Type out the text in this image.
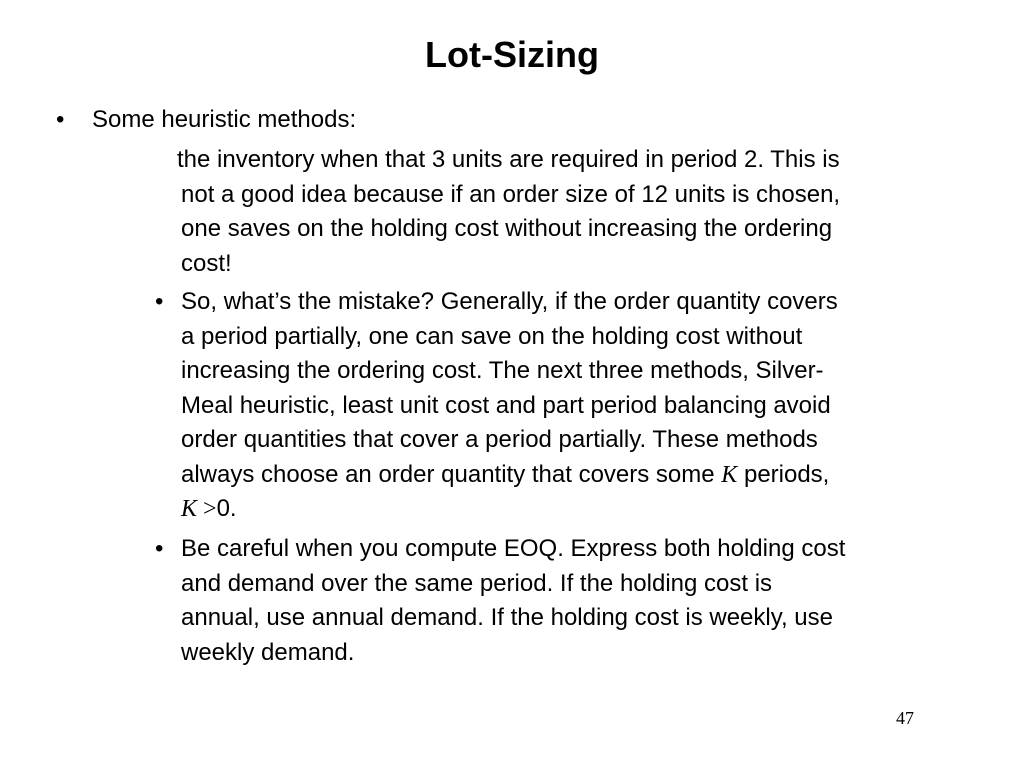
Lot-Sizing
• Some heuristic methods:
the inventory when that 3 units are required in period 2. This is
not a good idea because if an order size of 12 units is chosen,
one saves on the holding cost without increasing the ordering
cost!
• So, what’s the mistake? Generally, if the order quantity covers
a period partially, one can save on the holding cost without
increasing the ordering cost. The next three methods, Silver-
Meal heuristic, least unit cost and part period balancing avoid
order quantities that cover a period partially. These methods
always choose an order quantity that covers some K periods,
K >0.
• Be careful when you compute EOQ. Express both holding cost
and demand over the same period. If the holding cost is
annual, use annual demand. If the holding cost is weekly, use
weekly demand.
47
